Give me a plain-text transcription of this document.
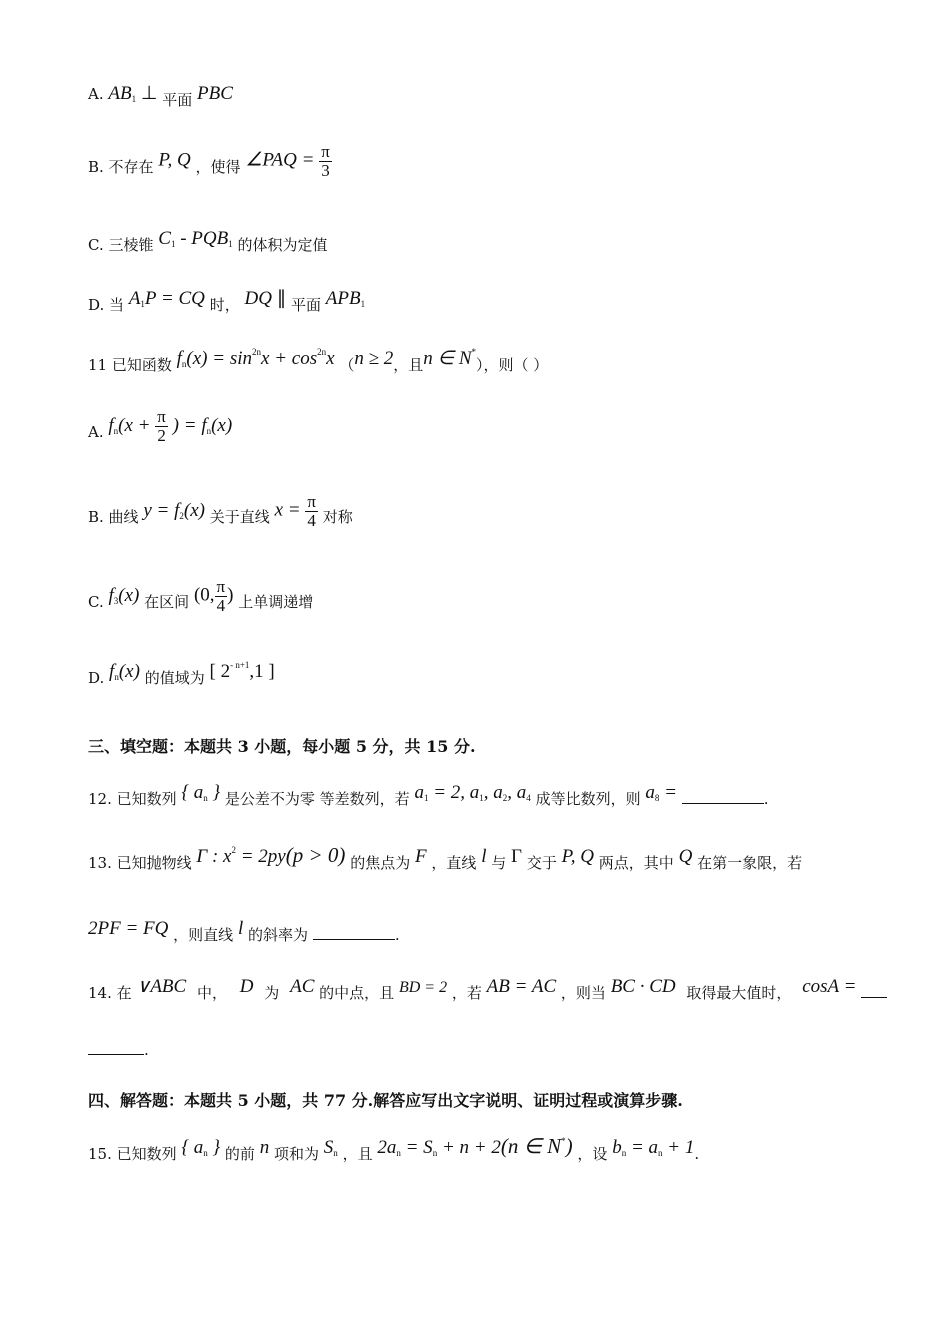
A. $AB_1$ ⊥ 平面 PBC
B. 不存在 P, Q ，使得 ∠PAQ = $\frac{\pi}{3}$
C. 三棱锥 $C_1 - PQB_1$ 的体积为定值
D. 当 $A_1P$ = CQ 时， DQ ∥ 平面 $APB_1$
11 已知函数 $f_n(x) = \sin^{2n}x + \cos^{2n}x$ （n ≥ 2，且n ∈ N*），则（ ）
A. $f_n(x + \frac{\pi}{2}$ ) = $f_n(x)$
B. 曲线 $y = f_2(x)$ 关于直线 $x = \frac{\pi}{4}$ 对称
C. $f_3(x)$ 在区间 (0, $\frac{\pi}{4}$ ) 上单调递增
D. $f_n(x)$ 的值域为 [ $2^{- n+1},1$ ]
三、填空题：本题共 3 小题，每小题 5 分，共 15 分.
12. 已知数列 { $a_n$ } 是公差不为零 等差数列，若 $a_1 = 2$, $a_1$, $a_2$, $a_4$ 成等比数列，则 $a_8$ =	.
13. 已知抛物线 Γ : $x^2 = 2py(p > 0)$ 的焦点为 F ，直线 l 与 Γ 交于 P, Q 两点，其中 Q 在第一象限，若
2PF = FQ ，则直线 l 的斜率为	.
14. 在 ∨ABC 中， D 为 AC 的中点，且 BD = 2 ，若 AB = AC ，则当 BC · CD 取得最大值时， cosA =
.
四、解答题：本题共 5 小题，共 77 分.解答应写出文字说明、证明过程或演算步骤.
15. 已知数列 { $a_n$ } 的前 n 项和为 $S_n$ ，且 $2a_n = S_n + n + 2(n$ ∈ N*) ，设 $b_n = a_n + 1$.
